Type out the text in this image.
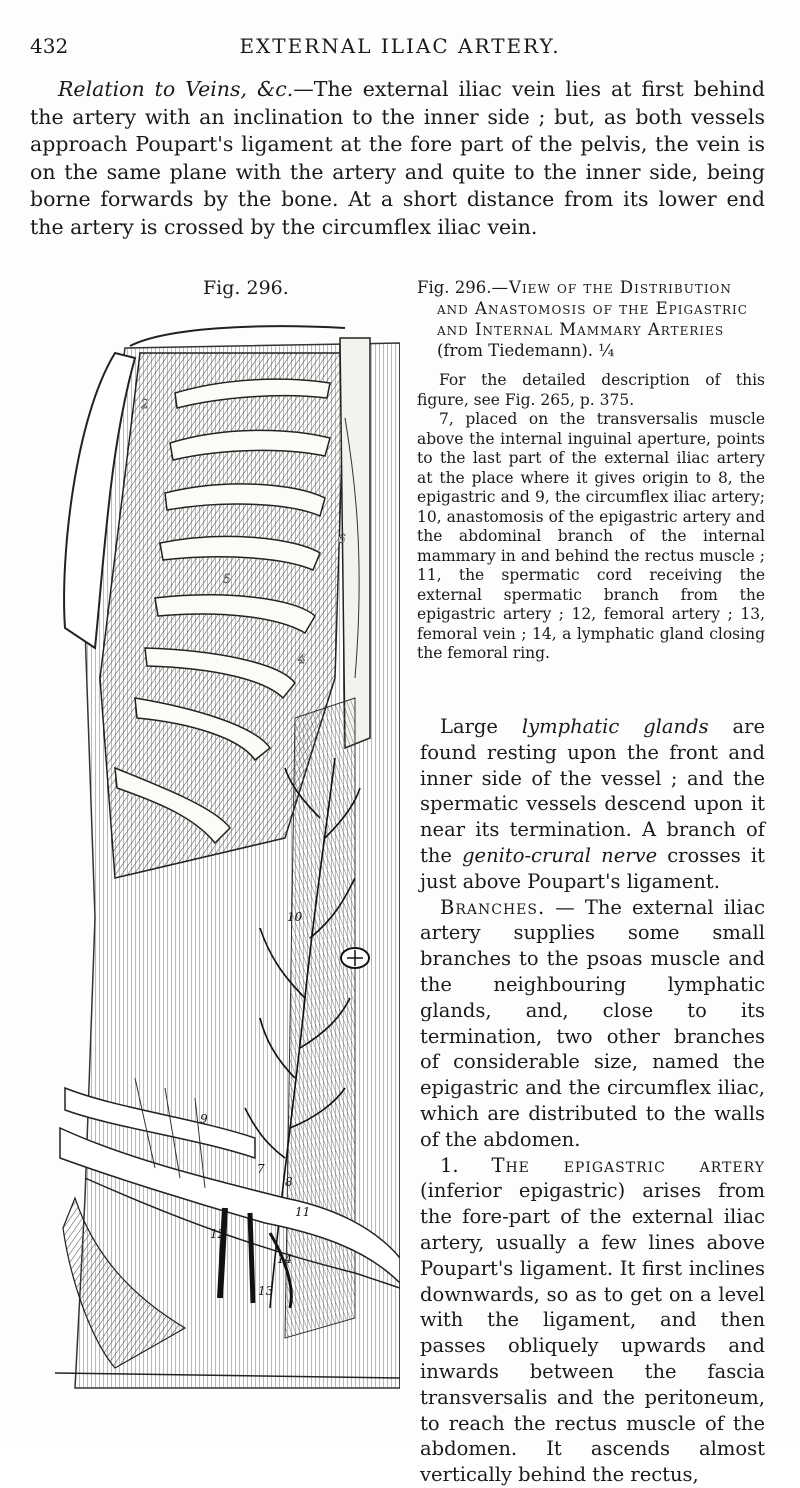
432	EXTERNAL ILIAC ARTERY.

Relation to Veins, &c.—The external iliac vein lies at first behind the artery with an inclination to the inner side ; but, as both vessels approach Poupart's ligament at the fore part of the pelvis, the vein is on the same plane with the artery and quite to the inner side, being borne forwards by the bone. At a short distance from its lower end the artery is crossed by the circumflex iliac vein.

Fig. 296.
2
5
6
4
10
9
7
8
11
12
14
13

Fig. 296.—View of the Distribution and Anastomosis of the Epigastric and Internal Mammary Arteries (from Tiedemann). ¼

For the detailed description of this figure, see Fig. 265, p. 375.

7, placed on the transversalis muscle above the internal inguinal aperture, points to the last part of the external iliac artery at the place where it gives origin to 8, the epigastric and 9, the circumflex iliac artery; 10, anastomosis of the epigastric artery and the abdominal branch of the internal mammary in and behind the rectus muscle ; 11, the spermatic cord receiving the external spermatic branch from the epigastric artery ; 12, femoral artery ; 13, femoral vein ; 14, a lymphatic gland closing the femoral ring.

Large lymphatic glands are found resting upon the front and inner side of the vessel ; and the spermatic vessels descend upon it near its termination. A branch of the genito-crural nerve crosses it just above Poupart's ligament.

Branches. — The external iliac artery supplies some small branches to the psoas muscle and the neighbouring lymphatic glands, and, close to its termination, two other branches of considerable size, named the epigastric and the circumflex iliac, which are distributed to the walls of the abdomen.

1. The epigastric artery (inferior epigastric) arises from the fore-part of the external iliac artery, usually a few lines above Poupart's ligament. It first inclines downwards, so as to get on a level with the ligament, and then passes obliquely upwards and inwards between the fascia transversalis and the peritoneum, to reach the rectus muscle of the abdomen. It ascends almost vertically behind the rectus,
